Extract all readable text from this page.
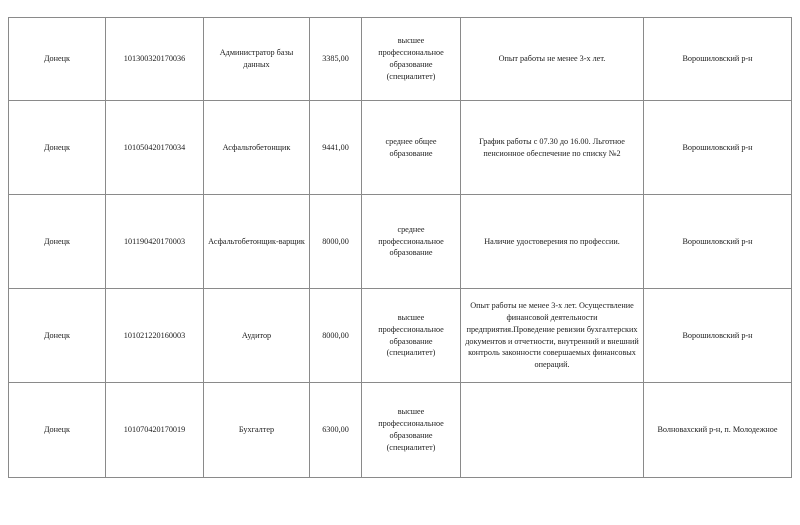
Донецк	101300320170036	Администратор базы данных	3385,00	высшее профессиональное образование (специалитет)	Опыт работы не менее 3-х лет.	Ворошиловский р-н

Донецк	101050420170034	Асфальтобетонщик	9441,00	среднее общее образование	График работы с 07.30 до 16.00. Льготное пенсионное обеспечение по списку №2	Ворошиловский р-н

Донецк	101190420170003	Асфальтобетонщик-варщик	8000,00	среднее профессиональное образование	Наличие удостоверения по профессии.	Ворошиловский р-н

Донецк	101021220160003	Аудитор	8000,00	высшее профессиональное образование (специалитет)	Опыт работы не менее 3-х лет. Осуществление финансовой деятельности предприятия.Проведение ревизии бухгалтерских документов и отчетности, внутренний и внешний контроль законности совершаемых финансовых операций.	Ворошиловский р-н

Донецк	101070420170019	Бухгалтер	6300,00	высшее профессиональное образование (специалитет)		Волновахский р-н, п. Молодежное
